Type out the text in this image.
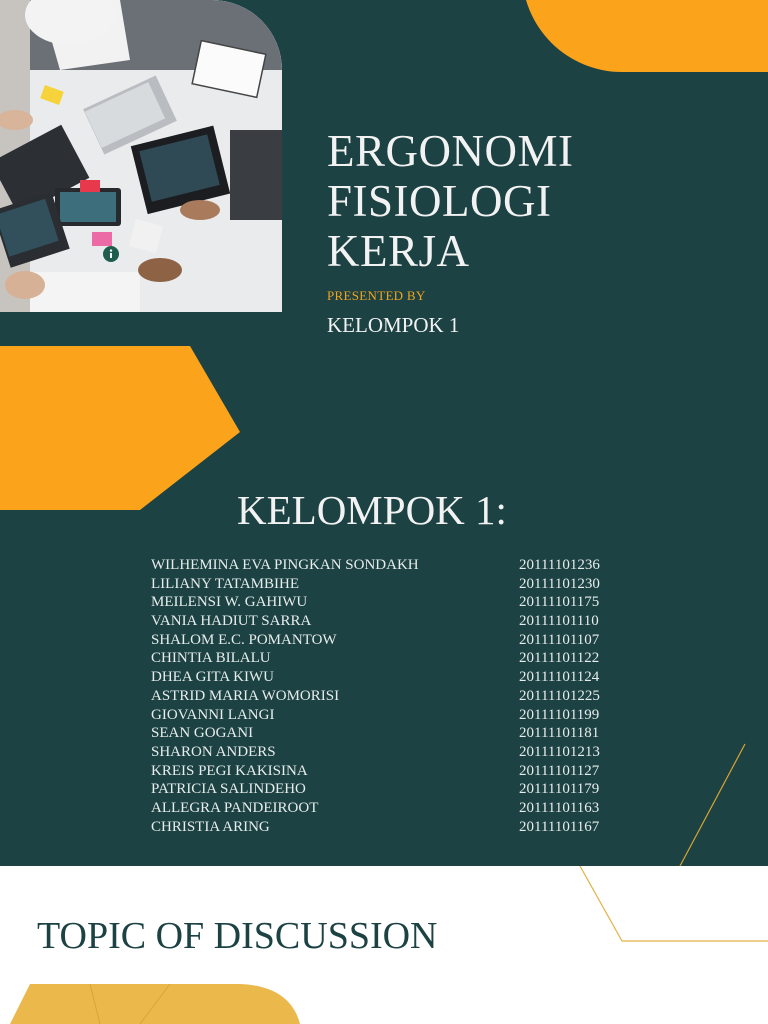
ERGONOMI
FISIOLOGI
KERJA
PRESENTED BY
KELOMPOK 1
KELOMPOK 1:
WILHEMINA EVA PINGKAN SONDAKH	20111101236
LILIANY TATAMBIHE	20111101230
MEILENSI W. GAHIWU	20111101175
VANIA HADIUT SARRA	20111101110
SHALOM E.C. POMANTOW	20111101107
CHINTIA BILALU	20111101122
DHEA GITA KIWU	20111101124
ASTRID MARIA WOMORISI	20111101225
GIOVANNI LANGI	20111101199
SEAN GOGANI	20111101181
SHARON ANDERS	20111101213
KREIS PEGI KAKISINA	20111101127
PATRICIA SALINDEHO	20111101179
ALLEGRA PANDEIROOT	20111101163
CHRISTIA ARING	20111101167
TOPIC OF DISCUSSION
